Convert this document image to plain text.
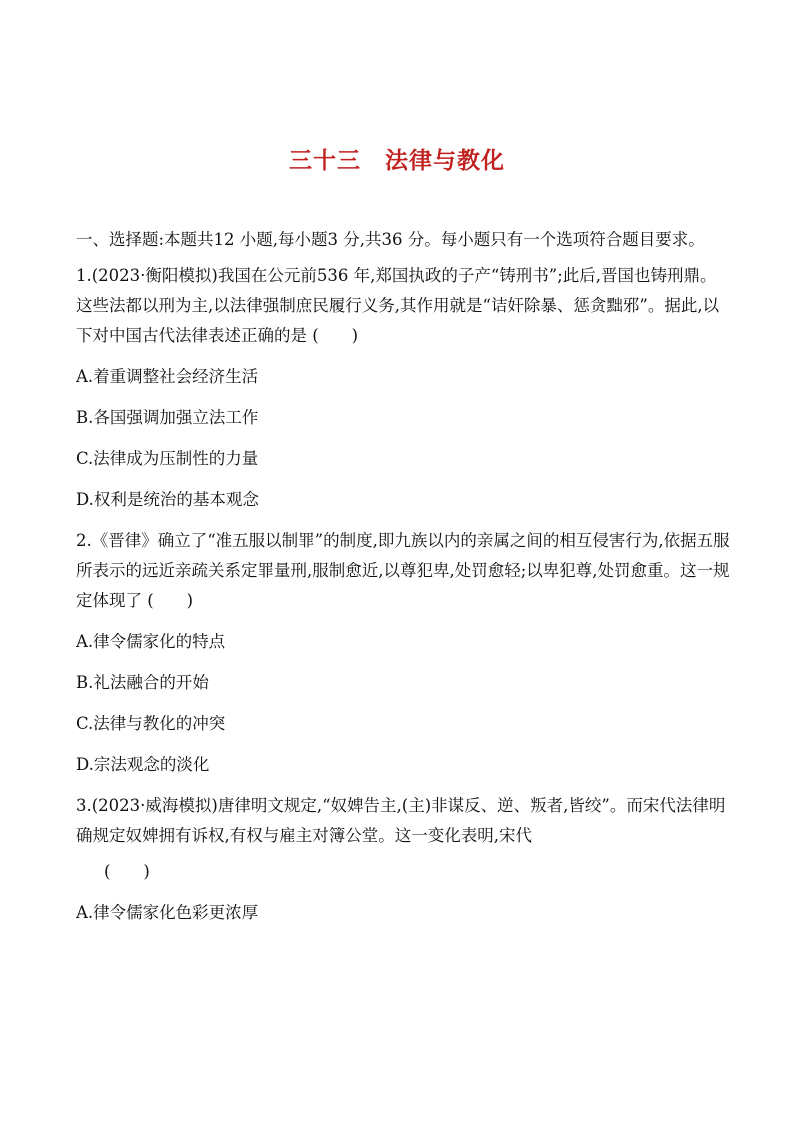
三十三　法律与教化

一、选择题:本题共12 小题,每小题3 分,共36 分。每小题只有一个选项符合题目要求。

1.(2023·衡阳模拟)我国在公元前536 年,郑国执政的子产“铸刑书”;此后,晋国也铸刑鼎。这些法都以刑为主,以法律强制庶民履行义务,其作用就是“诘奸除暴、惩贪黜邪”。据此,以下对中国古代法律表述正确的是 (　　)

A.着重调整社会经济生活

B.各国强调加强立法工作

C.法律成为压制性的力量

D.权利是统治的基本观念

2.《晋律》确立了“准五服以制罪”的制度,即九族以内的亲属之间的相互侵害行为,依据五服所表示的远近亲疏关系定罪量刑,服制愈近,以尊犯卑,处罚愈轻;以卑犯尊,处罚愈重。这一规定体现了 (　　)

A.律令儒家化的特点

B.礼法融合的开始

C.法律与教化的冲突

D.宗法观念的淡化

3.(2023·威海模拟)唐律明文规定,“奴婢告主,(主)非谋反、逆、叛者,皆绞”。而宋代法律明确规定奴婢拥有诉权,有权与雇主对簿公堂。这一变化表明,宋代

(　　)

A.律令儒家化色彩更浓厚
